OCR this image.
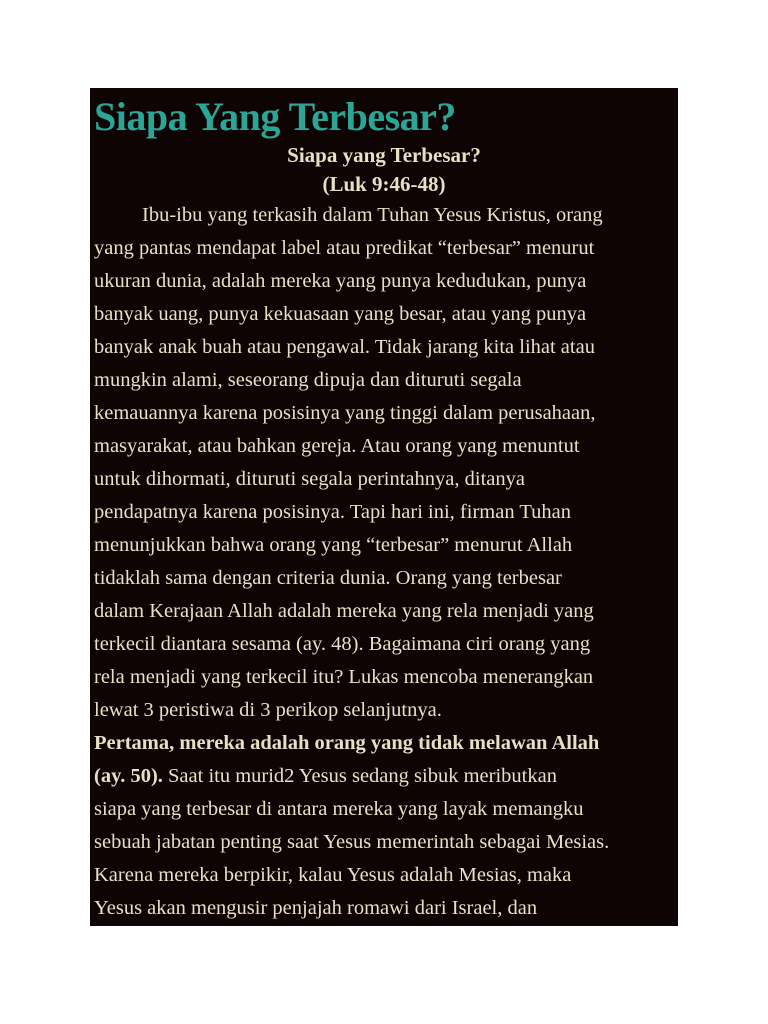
Siapa Yang Terbesar?

Siapa yang Terbesar?

(Luk 9:46-48)

Ibu-ibu yang terkasih dalam Tuhan Yesus Kristus, orang
yang pantas mendapat label atau predikat “terbesar” menurut
ukuran dunia, adalah mereka yang punya kedudukan, punya
banyak uang, punya kekuasaan yang besar, atau yang punya
banyak anak buah atau pengawal. Tidak jarang kita lihat atau
mungkin alami, seseorang dipuja dan dituruti segala
kemauannya karena posisinya yang tinggi dalam perusahaan,
masyarakat, atau bahkan gereja. Atau orang yang menuntut
untuk dihormati, dituruti segala perintahnya, ditanya
pendapatnya karena posisinya. Tapi hari ini, firman Tuhan
menunjukkan bahwa orang yang “terbesar” menurut Allah
tidaklah sama dengan criteria dunia. Orang yang terbesar
dalam Kerajaan Allah adalah mereka yang rela menjadi yang
terkecil diantara sesama (ay. 48). Bagaimana ciri orang yang
rela menjadi yang terkecil itu? Lukas mencoba menerangkan
lewat 3 peristiwa di 3 perikop selanjutnya.

Pertama, mereka adalah orang yang tidak melawan Allah
(ay. 50). Saat itu murid2 Yesus sedang sibuk meributkan
siapa yang terbesar di antara mereka yang layak memangku
sebuah jabatan penting saat Yesus memerintah sebagai Mesias.
Karena mereka berpikir, kalau Yesus adalah Mesias, maka
Yesus akan mengusir penjajah romawi dari Israel, dan
